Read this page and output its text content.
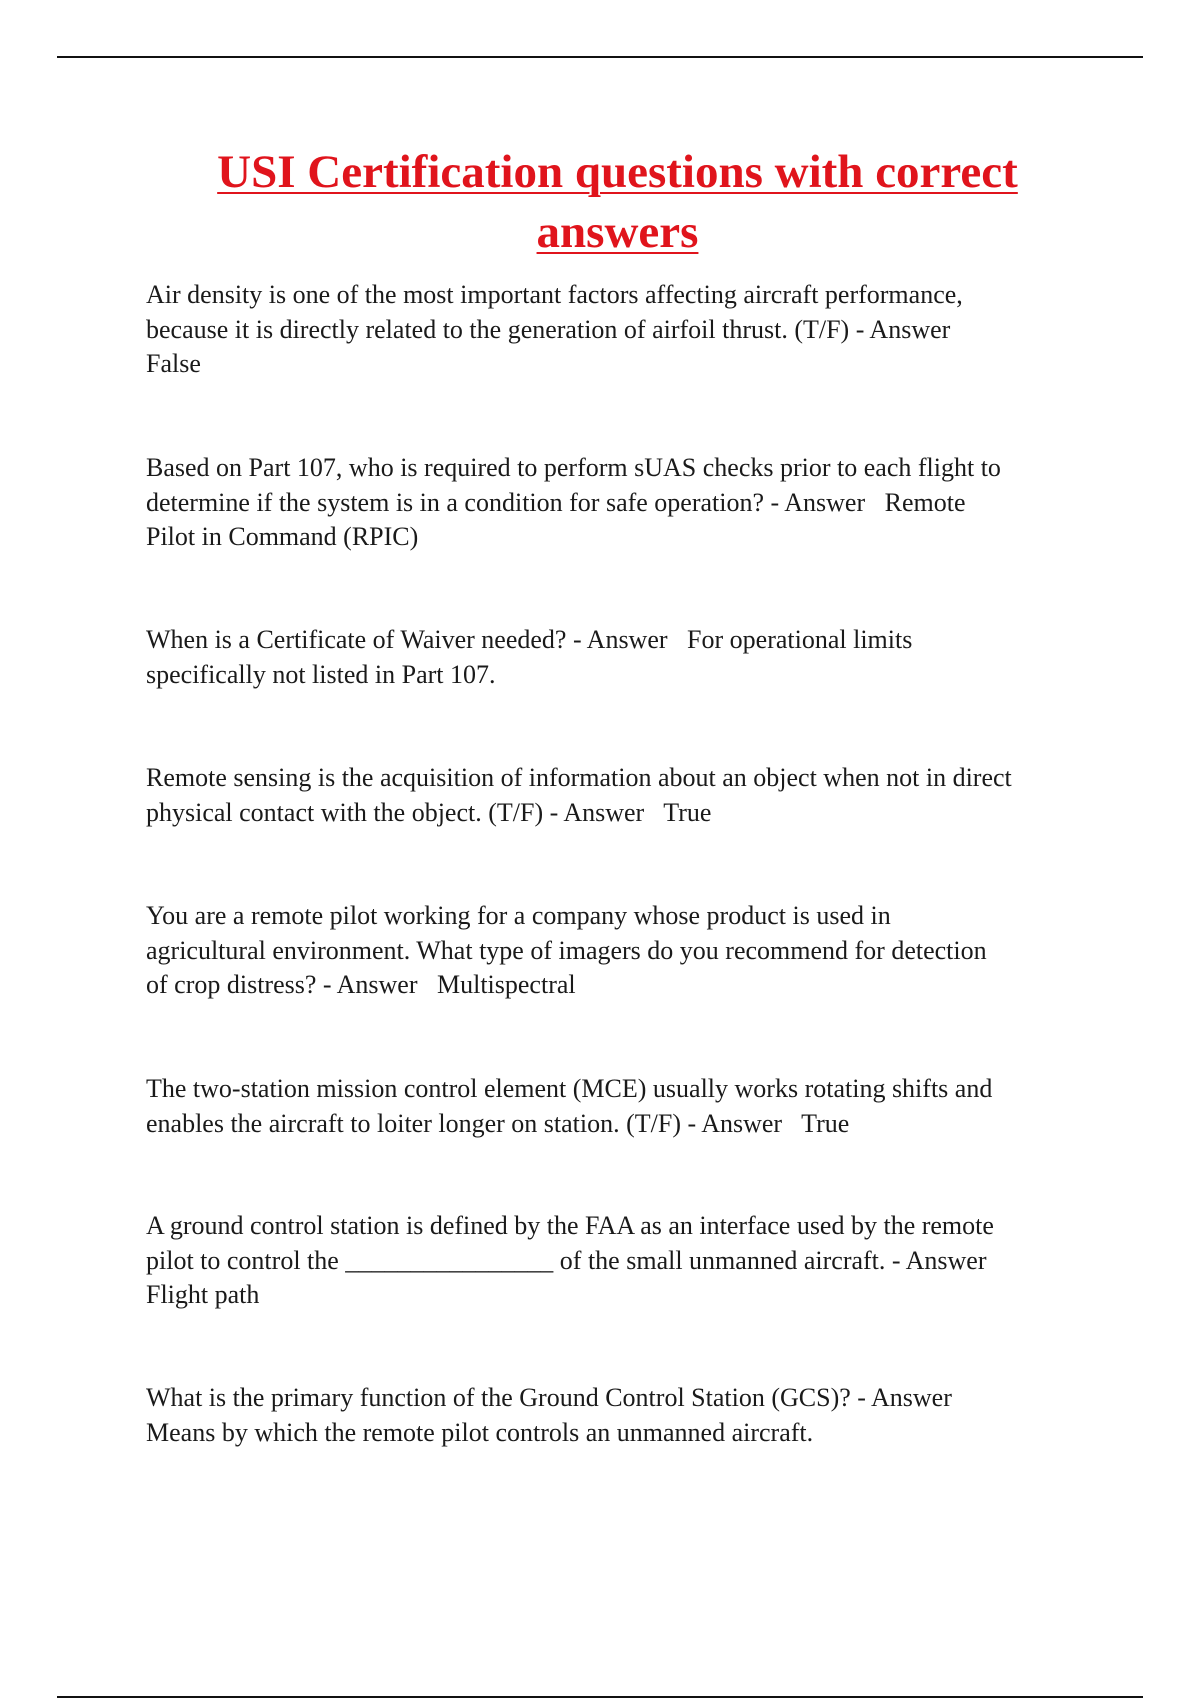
USI Certification questions with correct answers

Air density is one of the most important factors affecting aircraft performance,
because it is directly related to the generation of airfoil thrust. (T/F) - Answer
False

Based on Part 107, who is required to perform sUAS checks prior to each flight to
determine if the system is in a condition for safe operation? - Answer   Remote
Pilot in Command (RPIC)

When is a Certificate of Waiver needed? - Answer   For operational limits
specifically not listed in Part 107.

Remote sensing is the acquisition of information about an object when not in direct
physical contact with the object. (T/F) - Answer   True

You are a remote pilot working for a company whose product is used in
agricultural environment. What type of imagers do you recommend for detection
of crop distress? - Answer   Multispectral

The two-station mission control element (MCE) usually works rotating shifts and
enables the aircraft to loiter longer on station. (T/F) - Answer   True

A ground control station is defined by the FAA as an interface used by the remote
pilot to control the ________________ of the small unmanned aircraft. - Answer
Flight path

What is the primary function of the Ground Control Station (GCS)? - Answer
Means by which the remote pilot controls an unmanned aircraft.
